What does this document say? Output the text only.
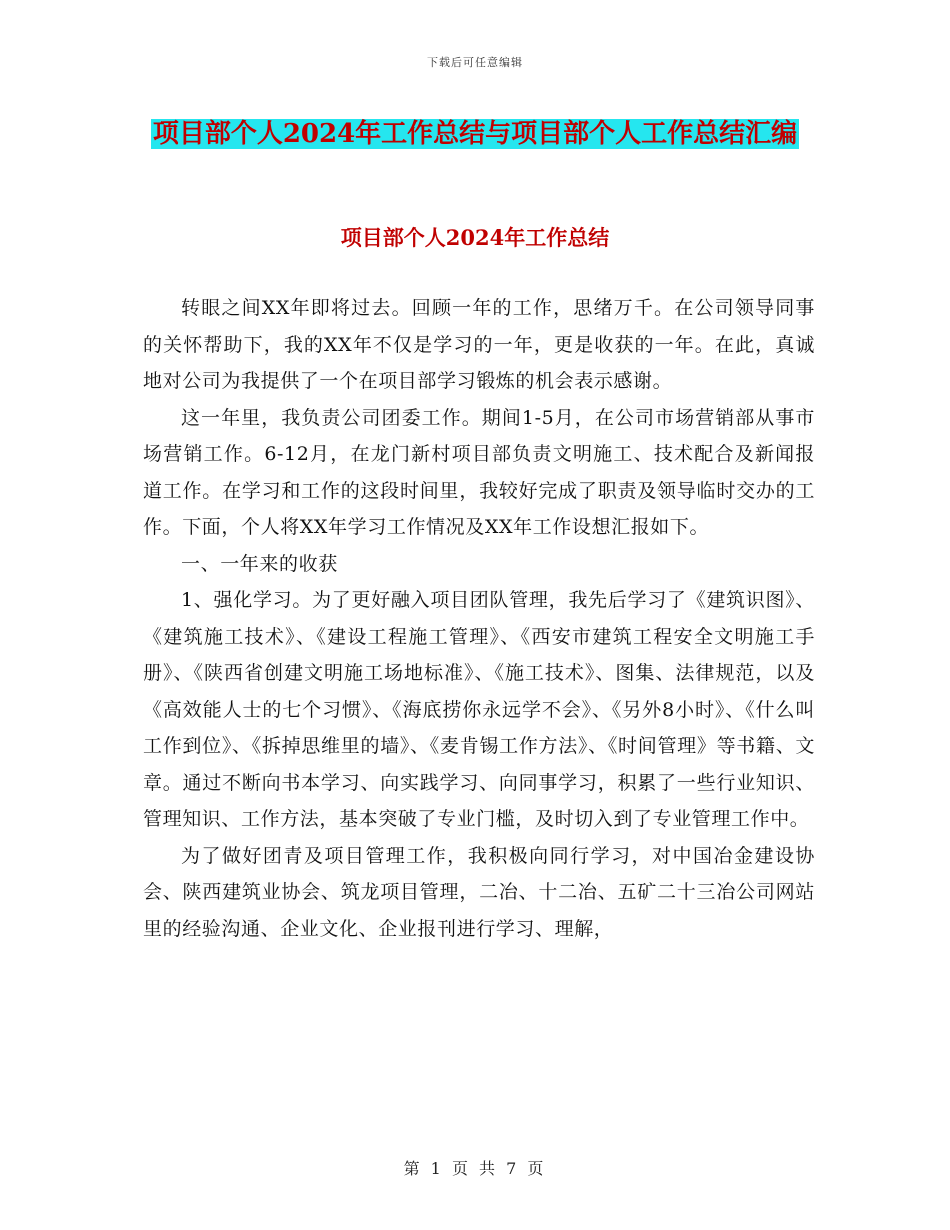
下载后可任意编辑
项目部个人2024年工作总结与项目部个人工作总结汇编
项目部个人2024年工作总结

转眼之间XX年即将过去。回顾一年的工作，思绪万千。在公司领导同事的关怀帮助下，我的XX年不仅是学习的一年，更是收获的一年。在此，真诚地对公司为我提供了一个在项目部学习锻炼的机会表示感谢。

这一年里，我负责公司团委工作。期间1-5月，在公司市场营销部从事市场营销工作。6-12月，在龙门新村项目部负责文明施工、技术配合及新闻报道工作。在学习和工作的这段时间里，我较好完成了职责及领导临时交办的工作。下面，个人将XX年学习工作情况及XX年工作设想汇报如下。

一、一年来的收获

1、强化学习。为了更好融入项目团队管理，我先后学习了《建筑识图》、《建筑施工技术》、《建设工程施工管理》、《西安市建筑工程安全文明施工手册》、《陕西省创建文明施工场地标准》、《施工技术》、图集、法律规范，以及《高效能人士的七个习惯》、《海底捞你永远学不会》、《另外8小时》、《什么叫工作到位》、《拆掉思维里的墙》、《麦肯锡工作方法》、《时间管理》等书籍、文章。通过不断向书本学习、向实践学习、向同事学习，积累了一些行业知识、管理知识、工作方法，基本突破了专业门槛，及时切入到了专业管理工作中。

为了做好团青及项目管理工作，我积极向同行学习，对中国冶金建设协会、陕西建筑业协会、筑龙项目管理，二冶、十二冶、五矿二十三冶公司网站里的经验沟通、企业文化、企业报刊进行学习、理解，

第 1 页 共 7 页
